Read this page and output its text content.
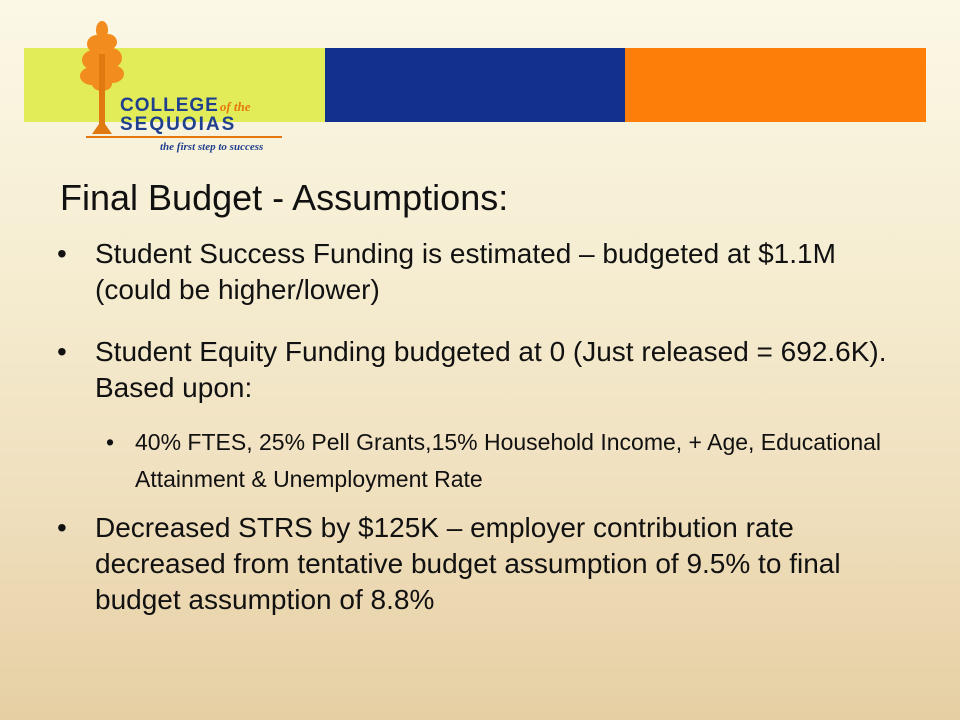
COLLEGEof the
SEQUOIAS
the first step to success
Final Budget - Assumptions:
• Student Success Funding is estimated – budgeted at $1.1M (could be higher/lower)
• Student Equity Funding budgeted at 0 (Just released = 692.6K). Based upon:
• 40% FTES, 25% Pell Grants,15% Household Income, + Age, Educational Attainment & Unemployment Rate
• Decreased STRS by $125K – employer contribution rate decreased from tentative budget assumption of 9.5% to final budget assumption of 8.8%
